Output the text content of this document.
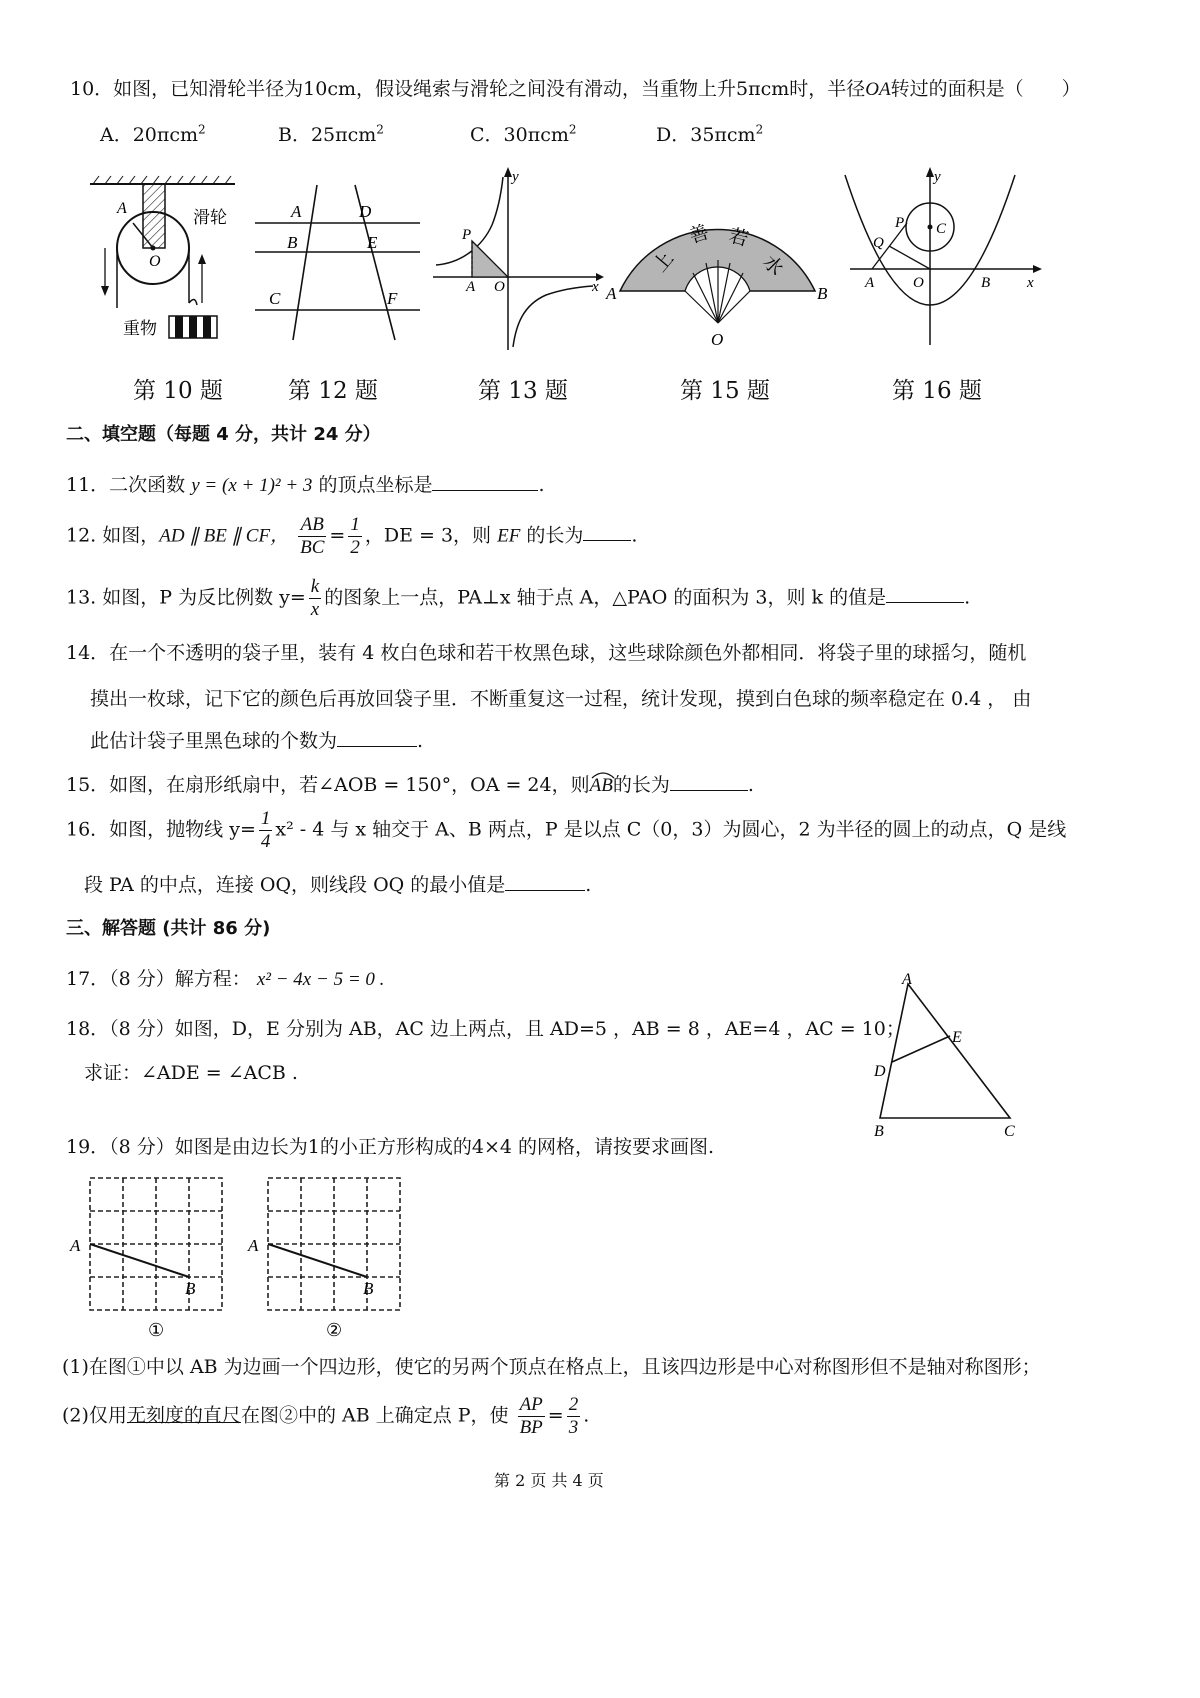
10．如图，已知滑轮半径为10cm，假设绳索与滑轮之间没有滑动，当重物上升5πcm时，半径OA转过的面积是（　　）
A．20πcm$^2$	B．25πcm$^2$	C．30πcm$^2$	D．35πcm$^2$
A
O
滑轮
重物
A	D
B	E
C	F
y
x
P
A O
上
善 若
水
A	B
O
y
x
P
Q
C
A	O	B
第 10 题	第 12 题	第 13 题	第 15 题	第 16 题
二、填空题（每题 4 分，共计 24 分）
11．二次函数 y = (x + 1)² + 3 的顶点坐标是	.
12. 如图，AD ∥ BE ∥ CF， $\frac{AB}{BC} = \frac{1}{2}$ ，DE = 3，则 EF 的长为	.
13. 如图，P 为反比例数 $y= \frac{k}{x}$ 的图象上一点，PA⊥x 轴于点 A，△PAO 的面积为 3，则 k 的值是	.
14．在一个不透明的袋子里，装有 4 枚白色球和若干枚黑色球，这些球除颜色外都相同．将袋子里的球摇匀，随机
摸出一枚球，记下它的颜色后再放回袋子里．不断重复这一过程，统计发现，摸到白色球的频率稳定在 0.4 ， 由
此估计袋子里黑色球的个数为	.
15．如图，在扇形纸扇中，若∠AOB = 150°，OA = 24，则AB
的长为	.
16．如图，抛物线 $y= \frac{1}{4} x^2 - 4$ 与 x 轴交于 A、B 两点，P 是以点 C（0，3）为圆心，2 为半径的圆上的动点，Q 是线
段 PA 的中点，连接 OQ，则线段 OQ 的最小值是	.
三、解答题 (共计 86 分)
17．（8 分）解方程： x² − 4x − 5 = 0 .
18．（8 分）如图，D，E 分别为 AB，AC 边上两点，且 AD=5 ，AB = 8 ，AE=4 ，AC = 10；
求证：∠ADE = ∠ACB .
A
E
D
B	C
19．（8 分）如图是由边长为1的小正方形构成的4×4 的网格，请按要求画图.
A
B
①
A
B
②
(1)在图①中以 AB 为边画一个四边形，使它的另两个顶点在格点上，且该四边形是中心对称图形但不是轴对称图形；
(2)仅用无刻度的直尺在图②中的 AB 上确定点 P，使 $\frac{AP}{BP} = \frac{2}{3}$ .
第 2 页 共 4 页
